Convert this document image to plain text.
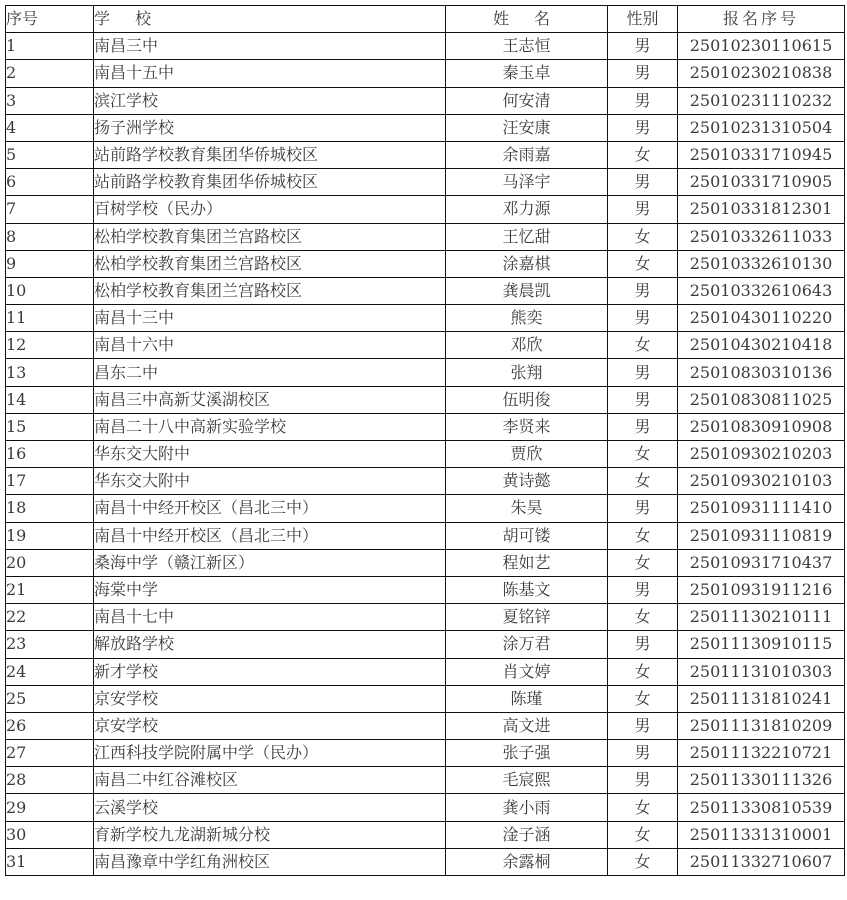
序号	学 校	姓 名	性别	报名序号
1	南昌三中	王志恒	男	25010230110615
2	南昌十五中	秦玉卓	男	25010230210838
3	滨江学校	何安清	男	25010231110232
4	扬子洲学校	汪安康	男	25010231310504
5	站前路学校教育集团华侨城校区	余雨嘉	女	25010331710945
6	站前路学校教育集团华侨城校区	马泽宇	男	25010331710905
7	百树学校（民办）	邓力源	男	25010331812301
8	松柏学校教育集团兰宫路校区	王忆甜	女	25010332611033
9	松柏学校教育集团兰宫路校区	涂嘉棋	女	25010332610130
10	松柏学校教育集团兰宫路校区	龚晨凯	男	25010332610643
11	南昌十三中	熊奕	男	25010430110220
12	南昌十六中	邓欣	女	25010430210418
13	昌东二中	张翔	男	25010830310136
14	南昌三中高新艾溪湖校区	伍明俊	男	25010830811025
15	南昌二十八中高新实验学校	李贤来	男	25010830910908
16	华东交大附中	贾欣	女	25010930210203
17	华东交大附中	黄诗懿	女	25010930210103
18	南昌十中经开校区（昌北三中）	朱昊	男	25010931111410
19	南昌十中经开校区（昌北三中）	胡可镂	女	25010931110819
20	桑海中学（赣江新区）	程如艺	女	25010931710437
21	海棠中学	陈基文	男	25010931911216
22	南昌十七中	夏铭锌	女	25011130210111
23	解放路学校	涂万君	男	25011130910115
24	新才学校	肖文婷	女	25011131010303
25	京安学校	陈瑾	女	25011131810241
26	京安学校	高文进	男	25011131810209
27	江西科技学院附属中学（民办）	张子强	男	25011132210721
28	南昌二中红谷滩校区	毛宸熙	男	25011330111326
29	云溪学校	龚小雨	女	25011330810539
30	育新学校九龙湖新城分校	淦子涵	女	25011331310001
31	南昌豫章中学红角洲校区	余露桐	女	25011332710607
